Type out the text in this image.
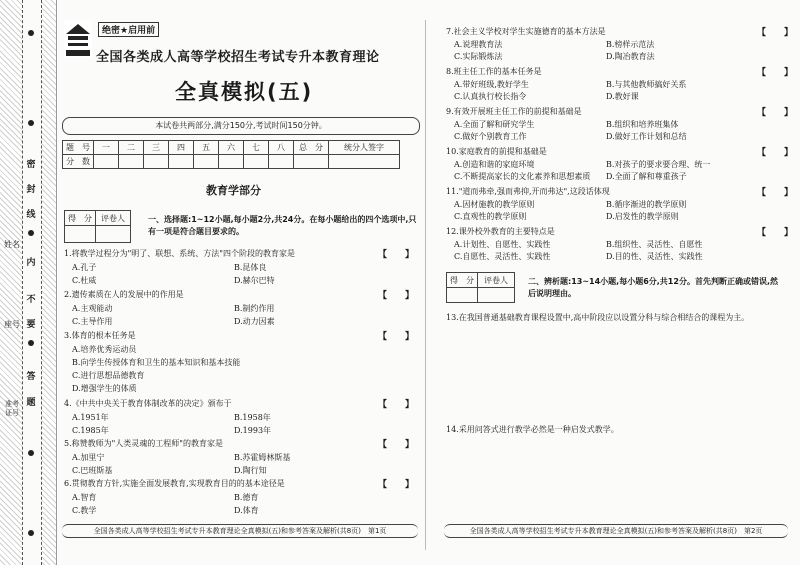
密
封
线
内
不
要
答
题
姓名
座号
准考证号
绝密★启用前
全国各类成人高等学校招生考试专升本教育理论
全真模拟(五)
本试卷共两部分,满分150分,考试时间150分钟。
题　号	一	二	三	四	五	六	七	八	总　分	统分人签字
分　数										
教育学部分
得　分	评卷人
		一、选择题:1~12小题,每小题2分,共24分。在每小题给出的四个选项中,只有一项是符合题目要求的。
1.将教学过程分为"明了、联想、系统、方法"四个阶段的教育家是
A.孔子	B.昆体良
C.杜威	D.赫尔巴特
2.遗传素质在人的发展中的作用是
A.主观能动	B.制约作用
C.主导作用	D.动力因素
3.体育的根本任务是
A.培养优秀运动员
B.向学生传授体育和卫生的基本知识和基本技能
C.进行思想品德教育
D.增强学生的体质
4.《中共中央关于教育体制改革的决定》颁布于
A.1951年	B.1958年
C.1985年	D.1993年
5.称赞教师为"人类灵魂的工程师"的教育家是
A.加里宁	B.苏霍姆林斯基
C.巴班斯基	D.陶行知
6.贯彻教育方针,实施全面发展教育,实现教育目的的基本途径是
A.智育	B.德育
C.教学	D.体育
【　　】
【　　】
【　　】
【　　】
【　　】
【　　】
全国各类成人高等学校招生考试专升本教育理论全真模拟(五)和参考答案及解析(共8页)　第1页
7.社会主义学校对学生实施德育的基本方法是
A.说理教育法	B.榜样示范法
C.实际锻炼法	D.陶冶教育法
8.班主任工作的基本任务是
A.带好班级,教好学生	B.与其他教师搞好关系
C.认真执行校长指令	D.教好课
9.有效开展班主任工作的前提和基础是
A.全面了解和研究学生	B.组织和培养班集体
C.做好个别教育工作	D.做好工作计划和总结
10.家庭教育的前提和基础是
A.创造和谐的家庭环境	B.对孩子的要求要合理、统一
C.不断提高家长的文化素养和思想素质 D.全面了解和尊重孩子
11."道而弗牵,强而弗抑,开而弗达",这段话体现
A.因材施教的教学原则	B.循序渐进的教学原则
C.直观性的教学原则	D.启发性的教学原则
12.课外校外教育的主要特点是
A.计划性、自愿性、实践性	B.组织性、灵活性、自愿性
C.自愿性、灵活性、实践性	D.目的性、灵活性、实践性
【　　】
【　　】
【　　】
【　　】
【　　】
【　　】
得　分	评卷人
		二、辨析题:13~14小题,每小题6分,共12分。首先判断正确或错误,然后说明理由。
13.在我国普通基础教育课程设置中,高中阶段应以设置分科与综合相结合的课程为主。
14.采用问答式进行教学必然是一种启发式教学。
全国各类成人高等学校招生考试专升本教育理论全真模拟(五)和参考答案及解析(共8页)　第2页
